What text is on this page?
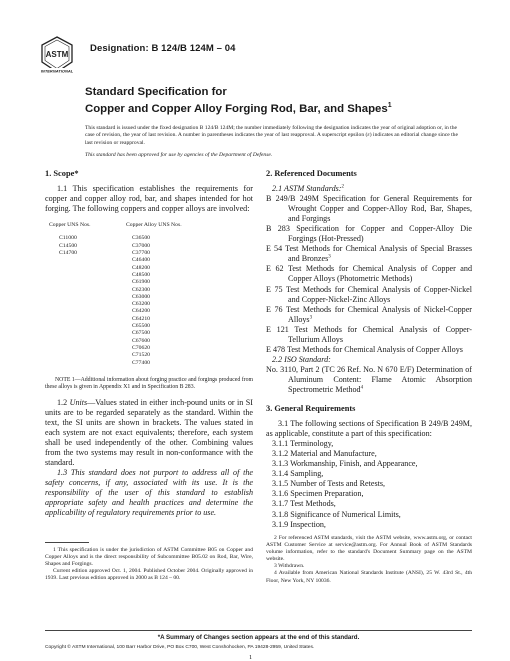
ASTM
INTERNATIONAL
Designation: B 124/B 124M – 04
Standard Specification for
Copper and Copper Alloy Forging Rod, Bar, and Shapes$^1$
This standard is issued under the fixed designation B 124/B 124M; the number immediately following the designation indicates the year of original adoption or, in the case of revision, the year of last revision. A number in parentheses indicates the year of last reapproval. A superscript epsilon (ε) indicates an editorial change since the last revision or reapproval.
This standard has been approved for use by agencies of the Department of Defense.
1. Scope*
1.1 This specification establishes the requirements for copper and copper alloy rod, bar, and shapes intended for hot forging. The following coppers and copper alloys are involved:
Copper UNS Nos.
C11000
C14500
C14700
Copper Alloy UNS Nos.
C36500
C37000
C37700
C46400
C48200
C48500
C61900
C62300
C63000
C63200
C64200
C64210
C65500
C67500
C67600
C70620
C71520
C77400
NOTE 1—Additional information about forging practice and forgings produced from these alloys is given in Appendix X1 and in Specification B 283.
1.2 Units—Values stated in either inch-pound units or in SI units are to be regarded separately as the standard. Within the text, the SI units are shown in brackets. The values stated in each system are not exact equivalents; therefore, each system shall be used independently of the other. Combining values from the two systems may result in non-conformance with the standard.
1.3 This standard does not purport to address all of the safety concerns, if any, associated with its use. It is the responsibility of the user of this standard to establish appropriate safety and health practices and determine the applicability of regulatory requirements prior to use.
2. Referenced Documents
2.1 ASTM Standards:$^2$
B 249/B 249M Specification for General Requirements for Wrought Copper and Copper-Alloy Rod, Bar, Shapes, and Forgings
B 283 Specification for Copper and Copper-Alloy Die Forgings (Hot-Pressed)
E 54 Test Methods for Chemical Analysis of Special Brasses and Bronzes$^3$
E 62 Test Methods for Chemical Analysis of Copper and Copper Alloys (Photometric Methods)
E 75 Test Methods for Chemical Analysis of Copper-Nickel and Copper-Nickel-Zinc Alloys
E 76 Test Methods for Chemical Analysis of Nickel-Copper Alloys$^3$
E 121 Test Methods for Chemical Analysis of Copper-Tellurium Alloys
E 478 Test Methods for Chemical Analysis of Copper Alloys
2.2 ISO Standard:
No. 3110, Part 2 (TC 26 Ref. No. N 670 E/F) Determination of Aluminum Content: Flame Atomic Absorption Spectrometric Method$^4$
3. General Requirements
3.1 The following sections of Specification B 249/B 249M, as applicable, constitute a part of this specification:
3.1.1 Terminology,
3.1.2 Material and Manufacture,
3.1.3 Workmanship, Finish, and Appearance,
3.1.4 Sampling,
3.1.5 Number of Tests and Retests,
3.1.6 Specimen Preparation,
3.1.7 Test Methods,
3.1.8 Significance of Numerical Limits,
3.1.9 Inspection,
1 This specification is under the jurisdiction of ASTM Committee B05 on Copper and Copper Alloys and is the direct responsibility of Subcommittee B05.02 on Rod, Bar, Wire, Shapes and Forgings.
Current edition approved Oct. 1, 2004. Published October 2004. Originally approved in 1939. Last previous edition approved in 2000 as B 124 – 00.
2 For referenced ASTM standards, visit the ASTM website, www.astm.org, or contact ASTM Customer Service at service@astm.org. For Annual Book of ASTM Standards volume information, refer to the standard's Document Summary page on the ASTM website.
3 Withdrawn.
4 Available from American National Standards Institute (ANSI), 25 W. 43rd St., 4th Floor, New York, NY 10036.
*A Summary of Changes section appears at the end of this standard.
Copyright © ASTM International, 100 Barr Harbor Drive, PO Box C700, West Conshohocken, PA 19428-2959, United States.
1
